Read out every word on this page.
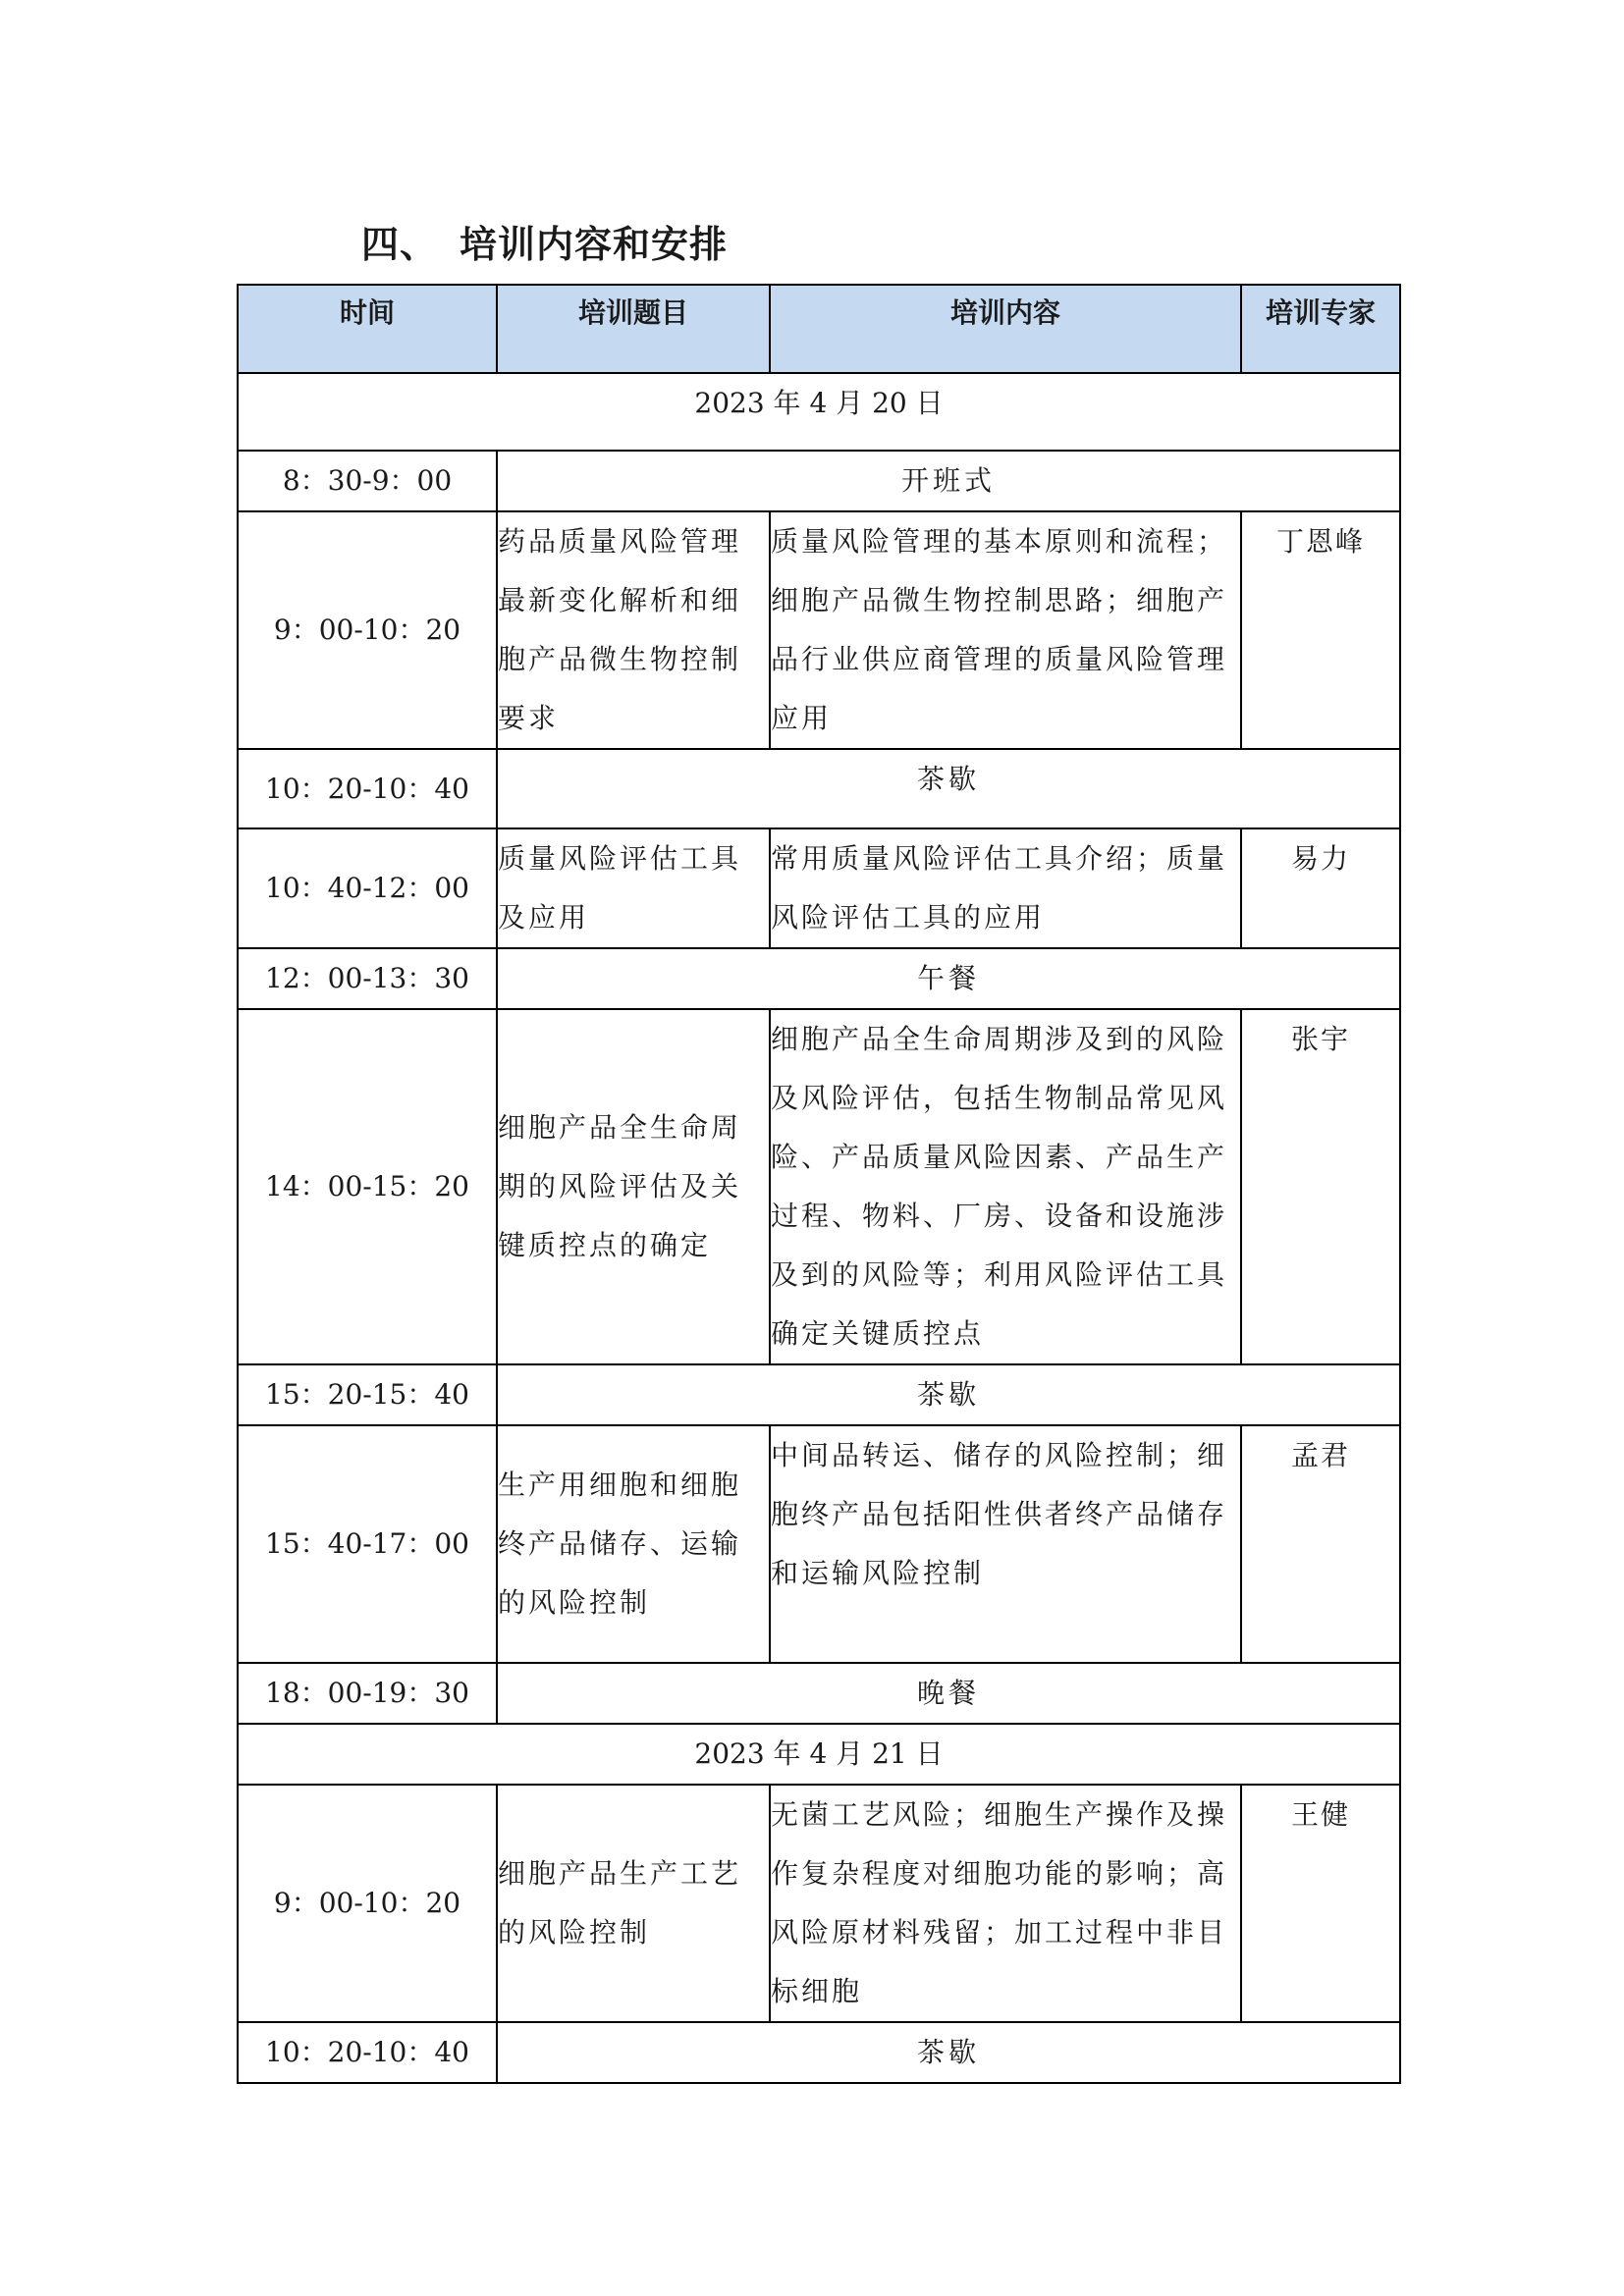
四、 培训内容和安排
时间	培训题目	培训内容	培训专家
2023 年 4 月 20 日			
8：30-9：00	开班式		
9：00-10：20	药品质量风险管理最新变化解析和细胞产品微生物控制要求	质量风险管理的基本原则和流程；细胞产品微生物控制思路；细胞产品行业供应商管理的质量风险管理应用	丁恩峰
10：20-10：40	茶歇		
10：40-12：00	质量风险评估工具及应用	常用质量风险评估工具介绍；质量风险评估工具的应用	易力
12：00-13：30	午餐		
14：00-15：20	细胞产品全生命周期的风险评估及关键质控点的确定	细胞产品全生命周期涉及到的风险及风险评估，包括生物制品常见风险、产品质量风险因素、产品生产过程、物料、厂房、设备和设施涉及到的风险等；利用风险评估工具确定关键质控点	张宇
15：20-15：40	茶歇		
15：40-17：00	生产用细胞和细胞终产品储存、运输的风险控制	中间品转运、储存的风险控制；细胞终产品包括阳性供者终产品储存和运输风险控制	孟君
18：00-19：30	晚餐		
2023 年 4 月 21 日			
9：00-10：20	细胞产品生产工艺的风险控制	无菌工艺风险；细胞生产操作及操作复杂程度对细胞功能的影响；高风险原材料残留；加工过程中非目标细胞	王健
10：20-10：40	茶歇		
